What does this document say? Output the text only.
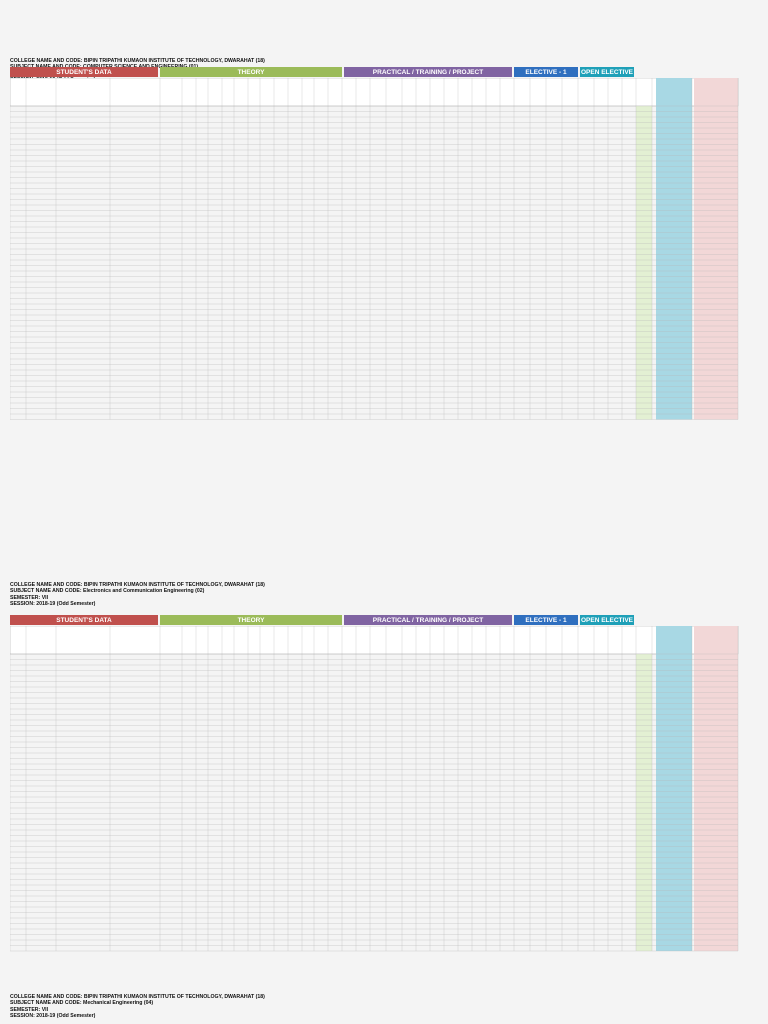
COLLEGE NAME AND CODE: BIPIN TRIPATHI KUMAON INSTITUTE OF TECHNOLOGY, DWARAHAT (18)
STUDENT'S DATA	THEORY	PRACTICAL / TRAINING / PROJECT	ELECTIVE - 1	OPEN ELECTIVE
COLLEGE NAME AND CODE: BIPIN TRIPATHI KUMAON INSTITUTE OF TECHNOLOGY, DWARAHAT (18)
SUBJECT NAME AND CODE: Electronics and Communication Engineering (02)
SEMESTER: VII
SESSION: 2018-19 (Odd Semester)
STUDENT'S DATA	THEORY	PRACTICAL / TRAINING / PROJECT	ELECTIVE - 1	OPEN ELECTIVE
COLLEGE NAME AND CODE: BIPIN TRIPATHI KUMAON INSTITUTE OF TECHNOLOGY, DWARAHAT (18)
SUBJECT NAME AND CODE: Mechanical Engineering (04)
SEMESTER: VII
SESSION: 2018-19 (Odd Semester)
